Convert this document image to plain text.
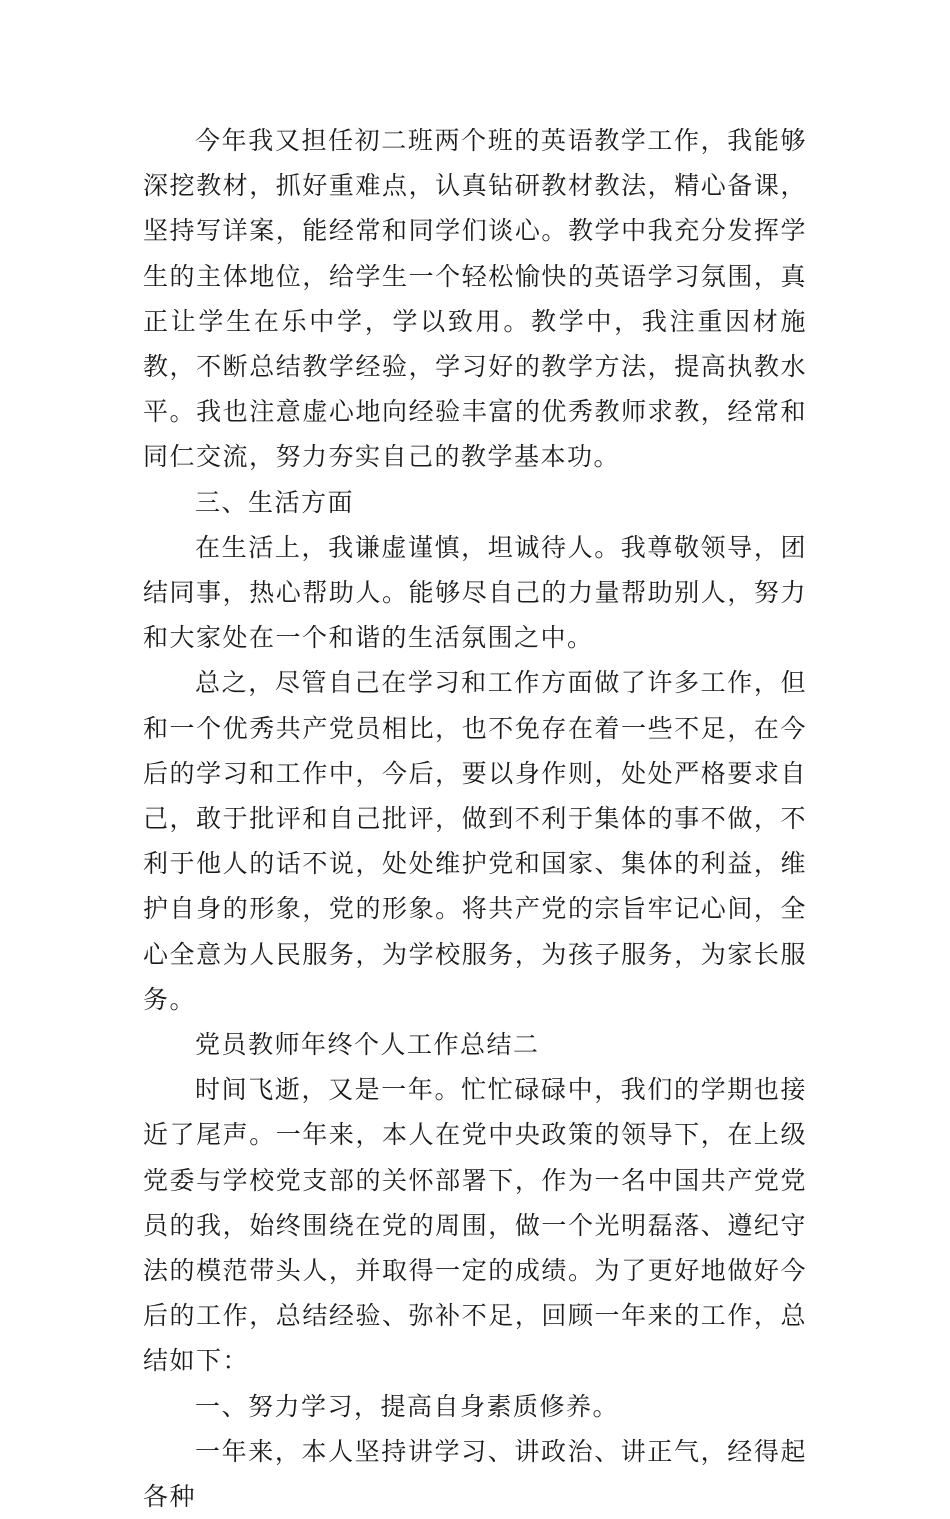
今年我又担任初二班两个班的英语教学工作，我能够深挖教材，抓好重难点，认真钻研教材教法，精心备课，坚持写详案，能经常和同学们谈心。教学中我充分发挥学生的主体地位，给学生一个轻松愉快的英语学习氛围，真正让学生在乐中学，学以致用。教学中，我注重因材施教，不断总结教学经验，学习好的教学方法，提高执教水平。我也注意虚心地向经验丰富的优秀教师求教，经常和同仁交流，努力夯实自己的教学基本功。

三、生活方面

在生活上，我谦虚谨慎，坦诚待人。我尊敬领导，团结同事，热心帮助人。能够尽自己的力量帮助别人，努力和大家处在一个和谐的生活氛围之中。

总之，尽管自己在学习和工作方面做了许多工作，但和一个优秀共产党员相比，也不免存在着一些不足，在今后的学习和工作中，今后，要以身作则，处处严格要求自己，敢于批评和自己批评，做到不利于集体的事不做，不利于他人的话不说，处处维护党和国家、集体的利益，维护自身的形象，党的形象。将共产党的宗旨牢记心间，全心全意为人民服务，为学校服务，为孩子服务，为家长服务。

党员教师年终个人工作总结二

时间飞逝，又是一年。忙忙碌碌中，我们的学期也接近了尾声。一年来，本人在党中央政策的领导下，在上级党委与学校党支部的关怀部署下，作为一名中国共产党党员的我，始终围绕在党的周围，做一个光明磊落、遵纪守法的模范带头人，并取得一定的成绩。为了更好地做好今后的工作，总结经验、弥补不足，回顾一年来的工作，总结如下：

一、努力学习，提高自身素质修养。

一年来，本人坚持讲学习、讲政治、讲正气，经得起各种
